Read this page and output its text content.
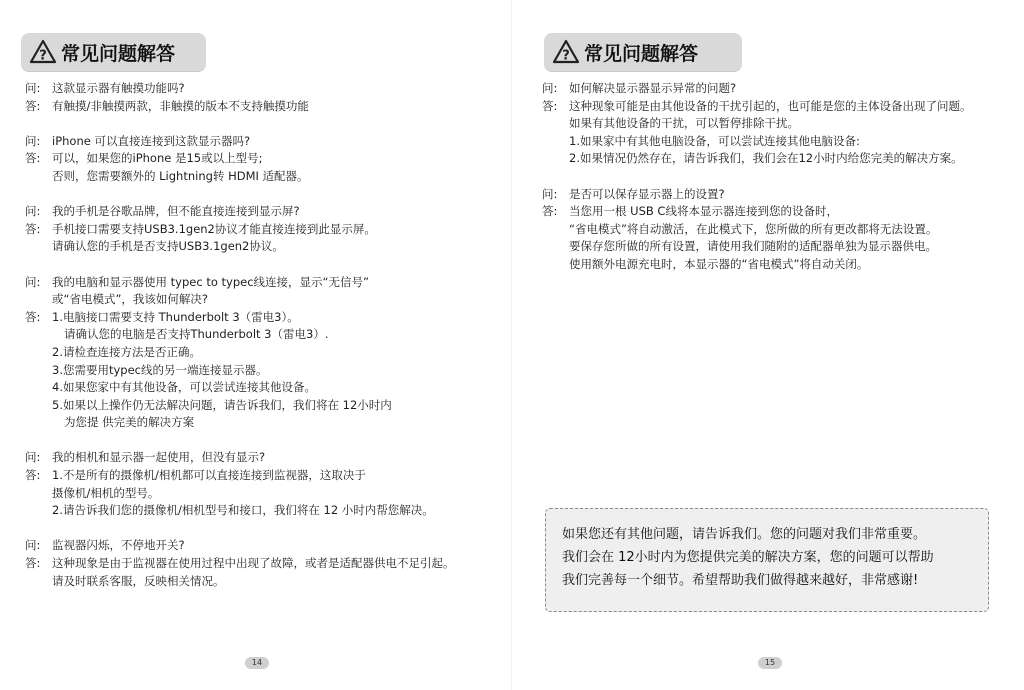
? 常见问题解答
问:	这款显示器有触摸功能吗?
答:	有触摸/非触摸两款，非触摸的版本不支持触摸功能
问:	iPhone 可以直接连接到这款显示器吗?
答:	可以，如果您的iPhone 是15或以上型号;
否则，您需要额外的 Lightning转 HDMI 适配器。
问:	我的手机是谷歌品牌，但不能直接连接到显示屏?
答:	手机接口需要支持USB3.1gen2协议才能直接连接到此显示屏。
请确认您的手机是否支持USB3.1gen2协议。
问:	我的电脑和显示器使用 typec to typec线连接，显示“无信号”
或“省电模式”，我该如何解决?
答:	1.电脑接口需要支持 Thunderbolt 3（雷电3）。
请确认您的电脑是否支持Thunderbolt 3（雷电3）.
2.请检查连接方法是否正确。
3.您需要用typec线的另一端连接显示器。
4.如果您家中有其他设备，可以尝试连接其他设备。
5.如果以上操作仍无法解决问题，请告诉我们，我们将在 12小时内
为您提 供完美的解决方案
问:	我的相机和显示器一起使用，但没有显示?
答:	1.不是所有的摄像机/相机都可以直接连接到监视器，这取决于
摄像机/相机的型号。
2.请告诉我们您的摄像机/相机型号和接口，我们将在 12 小时内帮您解决。
问:	监视器闪烁，不停地开关?
答:	这种现象是由于监视器在使用过程中出现了故障，或者是适配器供电不足引起。
请及时联系客服，反映相关情况。
14
? 常见问题解答
问:	如何解决显示器显示异常的问题?
答:	这种现象可能是由其他设备的干扰引起的，也可能是您的主体设备出现了问题。
如果有其他设备的干扰，可以暂停排除干扰。
1.如果家中有其他电脑设备，可以尝试连接其他电脑设备:
2.如果情况仍然存在，请告诉我们，我们会在12小时内给您完美的解决方案。
问:	是否可以保存显示器上的设置?
答:	当您用一根 USB C线将本显示器连接到您的设备时，
“省电模式”将自动激活，在此模式下，您所做的所有更改都将无法设置。
要保存您所做的所有设置，请使用我们随附的适配器单独为显示器供电。
使用额外电源充电时，本显示器的“省电模式”将自动关闭。
如果您还有其他问题，请告诉我们。您的问题对我们非常重要。
我们会在 12小时内为您提供完美的解决方案，您的问题可以帮助
我们完善每一个细节。希望帮助我们做得越来越好，非常感谢!
15
